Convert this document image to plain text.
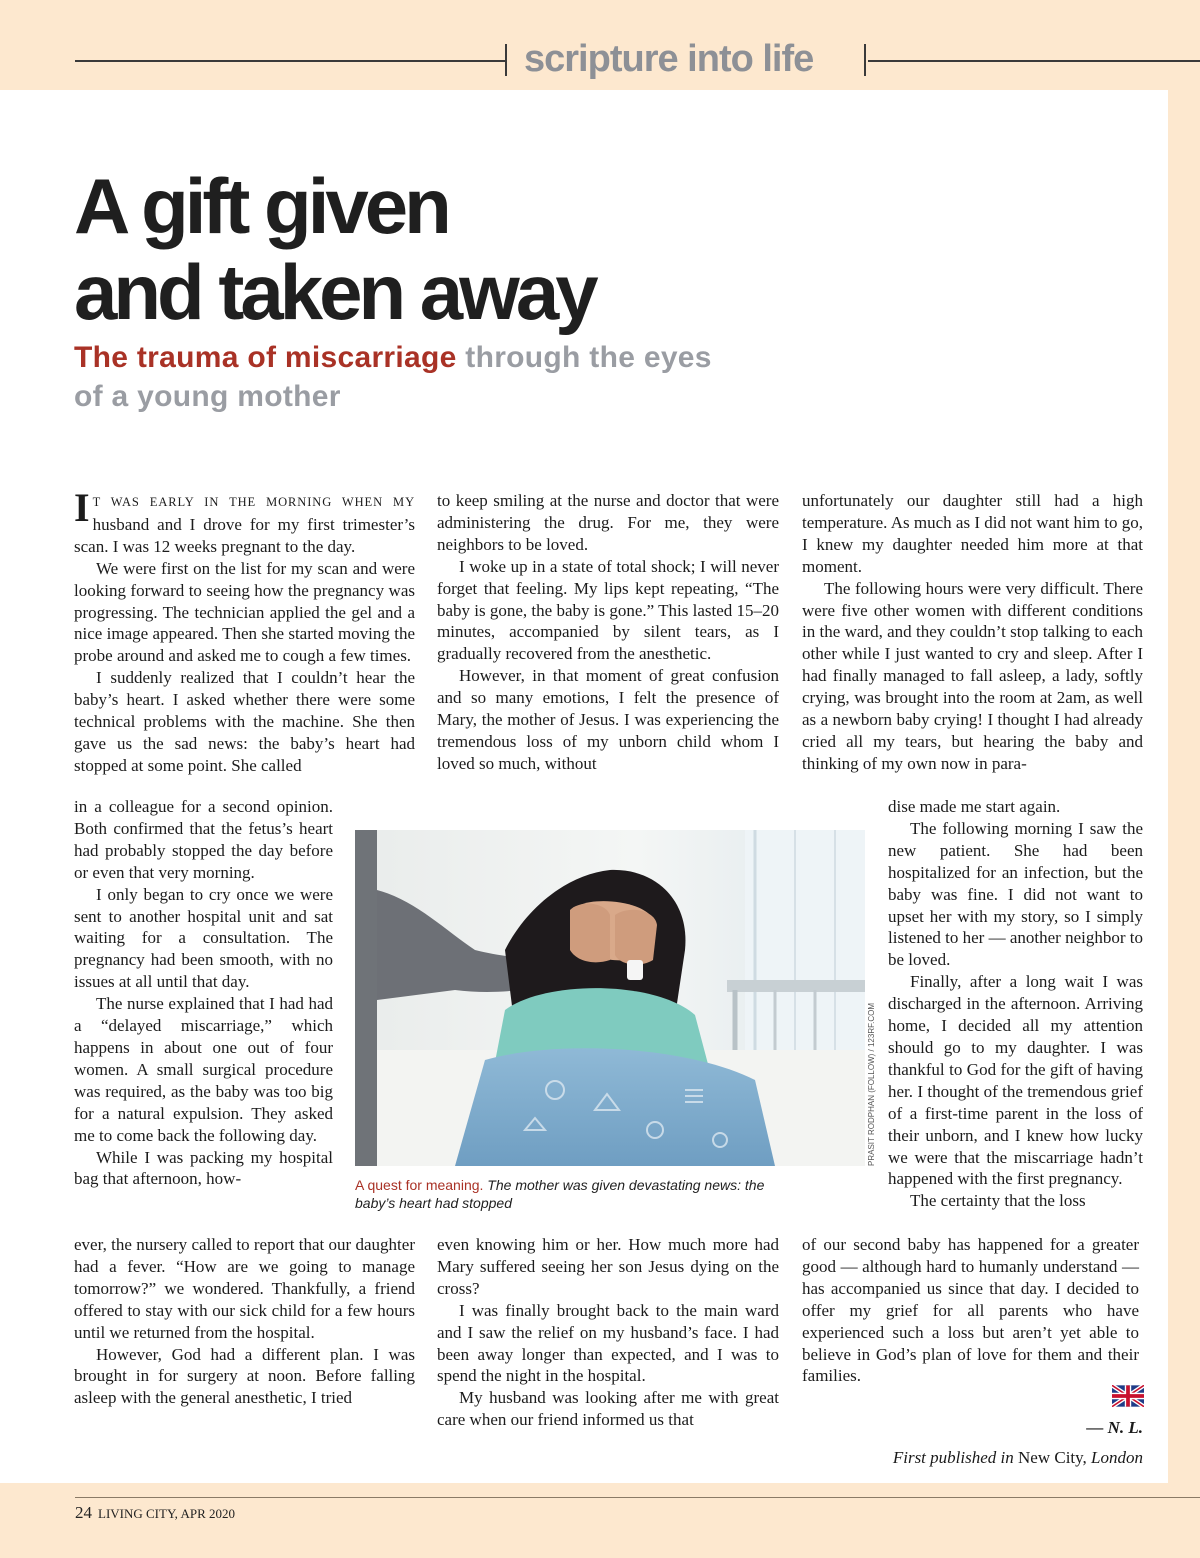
scripture into life
A gift given
and taken away
The trauma of miscarriage through the eyes of a young mother

I T WAS EARLY IN THE MORNING WHEN MY husband and I drove for my first trimester’s scan. I was 12 weeks pregnant to the day.

We were first on the list for my scan and were looking forward to seeing how the pregnancy was progressing. The technician applied the gel and a nice image appeared. Then she started moving the probe around and asked me to cough a few times.

I suddenly realized that I couldn’t hear the baby’s heart. I asked whether there were some technical problems with the machine. She then gave us the sad news: the baby’s heart had stopped at some point. She called

in a colleague for a second opinion. Both confirmed that the fetus’s heart had probably stopped the day before or even that very morning.

I only began to cry once we were sent to another hospital unit and sat waiting for a consultation. The pregnancy had been smooth, with no issues at all until that day.

The nurse explained that I had had a “delayed miscarriage,” which happens in about one out of four women. A small surgical procedure was required, as the baby was too big for a natural expulsion. They asked me to come back the following day.

While I was packing my hospital bag that afternoon, how-

ever, the nursery called to report that our daughter had a fever. “How are we going to manage tomorrow?” we wondered. Thankfully, a friend offered to stay with our sick child for a few hours until we returned from the hospital.

However, God had a different plan. I was brought in for surgery at noon. Before falling asleep with the general anesthetic, I tried

to keep smiling at the nurse and doctor that were administering the drug. For me, they were neighbors to be loved.

I woke up in a state of total shock; I will never forget that feeling. My lips kept repeating, “The baby is gone, the baby is gone.” This lasted 15–20 minutes, accompanied by silent tears, as I gradually recovered from the anesthetic.

However, in that moment of great confusion and so many emotions, I felt the presence of Mary, the mother of Jesus. I was experiencing the tremendous loss of my unborn child whom I loved so much, without

even knowing him or her. How much more had Mary suffered seeing her son Jesus dying on the cross?

I was finally brought back to the main ward and I saw the relief on my husband’s face. I had been away longer than expected, and I was to spend the night in the hospital.

My husband was looking after me with great care when our friend informed us that

unfortunately our daughter still had a high temperature. As much as I did not want him to go, I knew my daughter needed him more at that moment.

The following hours were very difficult. There were five other women with different conditions in the ward, and they couldn’t stop talking to each other while I just wanted to cry and sleep. After I had finally managed to fall asleep, a lady, softly crying, was brought into the room at 2am, as well as a newborn baby crying! I thought I had already cried all my tears, but hearing the baby and thinking of my own now in para-

dise made me start again.

The following morning I saw the new patient. She had been hospitalized for an infection, but the baby was fine. I did not want to upset her with my story, so I simply listened to her — another neighbor to be loved.

Finally, after a long wait I was discharged in the afternoon. Arriving home, I decided all my attention should go to my daughter. I was thankful to God for the gift of having her. I thought of the tremendous grief of a first-time parent in the loss of their unborn, and I knew how lucky we were that the miscarriage hadn’t happened with the first pregnancy.

The certainty that the loss

of our second baby has happened for a greater good — although hard to humanly understand — has accompanied us since that day. I decided to offer my grief for all parents who have experienced such a loss but aren’t yet able to believe in God’s plan of love for them and their families.

PRASIT RODPHAN (FOLLOW) / 123RF.COM
A quest for meaning. The mother was given devastating news: the baby’s heart had stopped
— N. L.
First published in New City, London
24 LIVING CITY, APR 2020
